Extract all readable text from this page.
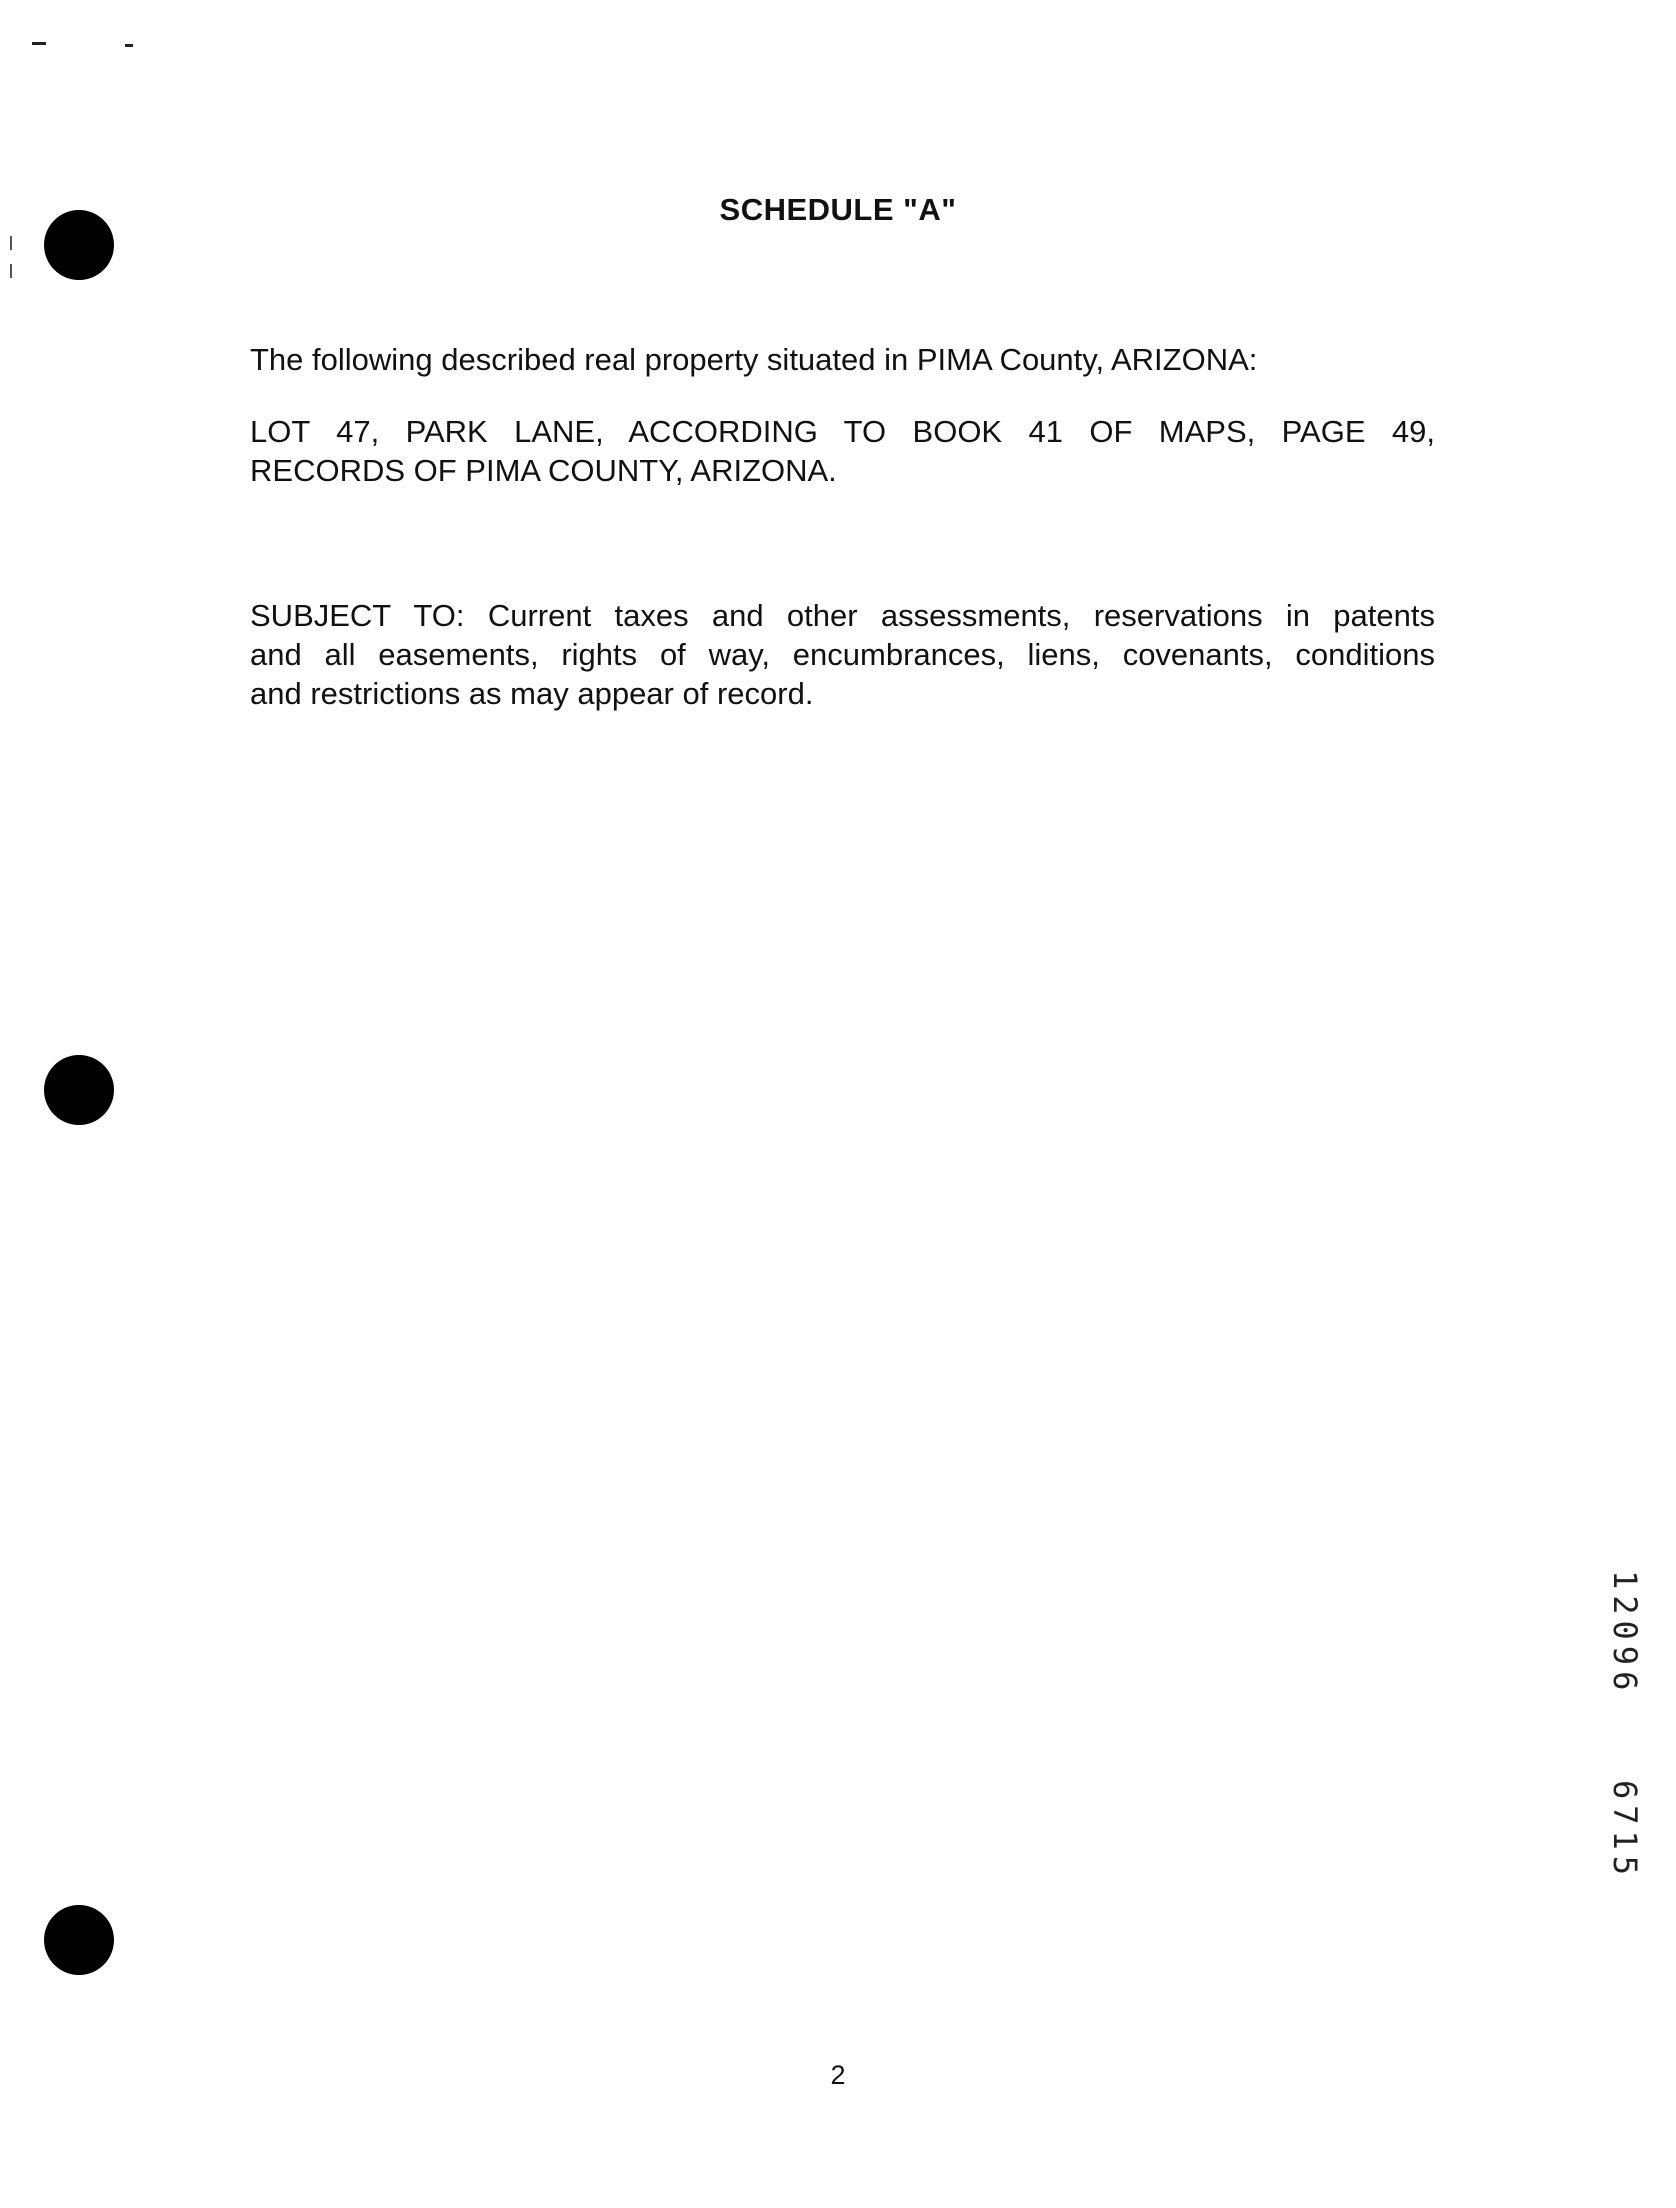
SCHEDULE "A"
The following described real property situated in PIMA County, ARIZONA:
LOT 47, PARK LANE, ACCORDING TO BOOK 41 OF MAPS, PAGE 49,
RECORDS OF PIMA COUNTY, ARIZONA.
SUBJECT TO: Current taxes and other assessments, reservations in patents
and all easements, rights of way, encumbrances, liens, covenants, conditions
and restrictions as may appear of record.
12096
6715
2
